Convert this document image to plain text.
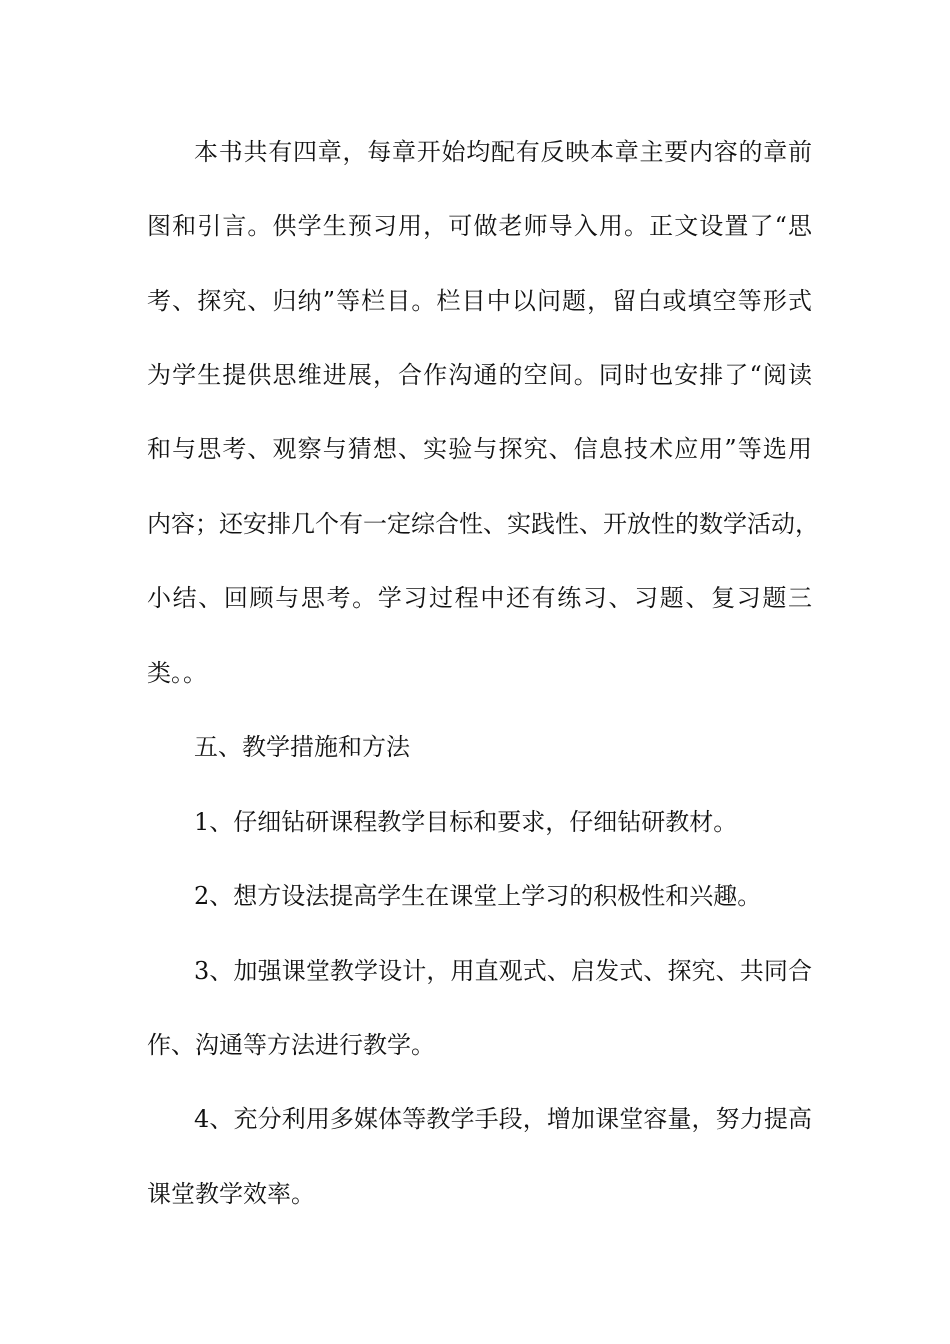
本书共有四章，每章开始均配有反映本章主要内容的章前
图和引言。供学生预习用，可做老师导入用。正文设置了“思
考、探究、归纳”等栏目。栏目中以问题，留白或填空等形式
为学生提供思维进展，合作沟通的空间。同时也安排了“阅读
和与思考、观察与猜想、实验与探究、信息技术应用”等选用
内容；还安排几个有一定综合性、实践性、开放性的数学活动，
小结、回顾与思考。学习过程中还有练习、习题、复习题三
类。。
五、教学措施和方法
1、仔细钻研课程教学目标和要求，仔细钻研教材。
2、想方设法提高学生在课堂上学习的积极性和兴趣。
3、加强课堂教学设计，用直观式、启发式、探究、共同合
作、沟通等方法进行教学。
4、充分利用多媒体等教学手段，增加课堂容量，努力提高
课堂教学效率。
